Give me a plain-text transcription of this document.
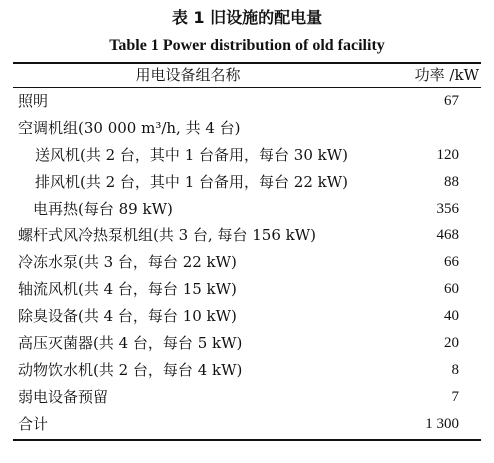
表 1 旧设施的配电量
Table 1 Power distribution of old facility
用电设备组名称	功率 /kW
照明	67
空调机组(30 000 m³/h, 共 4 台)
送风机(共 2 台，其中 1 台备用，每台 30 kW)	120
排风机(共 2 台，其中 1 台备用，每台 22 kW)	88
电再热(每台 89 kW)	356
螺杆式风冷热泵机组(共 3 台, 每台 156 kW)	468
冷冻水泵(共 3 台，每台 22 kW)	66
轴流风机(共 4 台，每台 15 kW)	60
除臭设备(共 4 台，每台 10 kW)	40
高压灭菌器(共 4 台，每台 5 kW)	20
动物饮水机(共 2 台，每台 4 kW)	8
弱电设备预留	7
合计	1 300
